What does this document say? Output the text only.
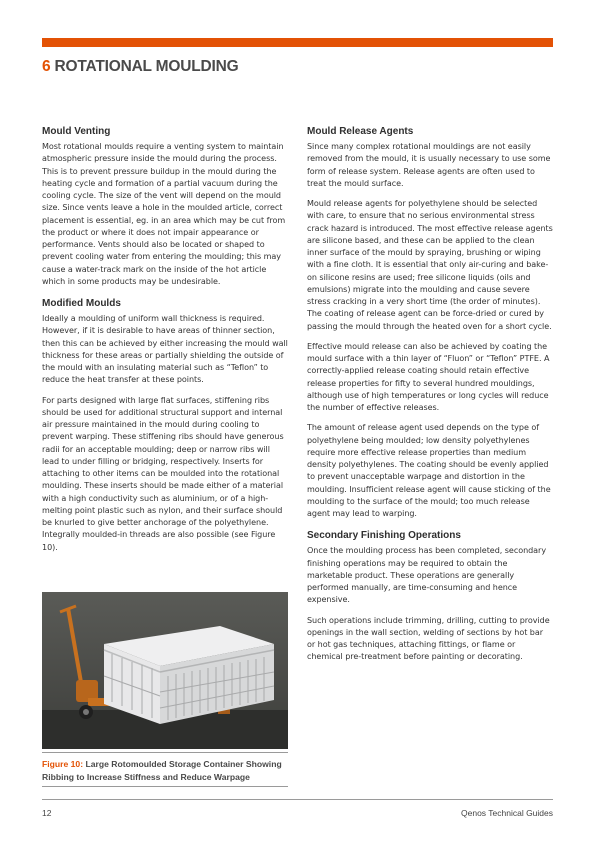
6 ROTATIONAL MOULDING
Mould Venting

Most rotational moulds require a venting system to maintain atmospheric pressure inside the mould during the process. This is to prevent pressure buildup in the mould during the heating cycle and formation of a partial vacuum during the cooling cycle. The size of the vent will depend on the mould size. Since vents leave a hole in the moulded article, correct placement is essential, eg. in an area which may be cut from the product or where it does not impair appearance or performance. Vents should also be located or shaped to prevent cooling water from entering the moulding; this may cause a water-track mark on the inside of the hot article which in some products may be undesirable.

Modified Moulds

Ideally a moulding of uniform wall thickness is required. However, if it is desirable to have areas of thinner section, then this can be achieved by either increasing the mould wall thickness for these areas or partially shielding the outside of the mould with an insulating material such as “Teflon” to reduce the heat transfer at these points.

For parts designed with large flat surfaces, stiffening ribs should be used for additional structural support and internal air pressure maintained in the mould during cooling to prevent warping. These stiffening ribs should have generous radii for an acceptable moulding; deep or narrow ribs will lead to under filling or bridging, respectively. Inserts for attaching to other items can be moulded into the rotational moulding. These inserts should be made either of a material with a high conductivity such as aluminium, or of a high-melting point plastic such as nylon, and their surface should be knurled to give better anchorage of the polyethylene. Integrally moulded-in threads are also possible (see Figure 10).

Mould Release Agents

Since many complex rotational mouldings are not easily removed from the mould, it is usually necessary to use some form of release system. Release agents are often used to treat the mould surface.

Mould release agents for polyethylene should be selected with care, to ensure that no serious environmental stress crack hazard is introduced. The most effective release agents are silicone based, and these can be applied to the clean inner surface of the mould by spraying, brushing or wiping with a fine cloth. It is essential that only air-curing and bake-on silicone resins are used; free silicone liquids (oils and emulsions) migrate into the moulding and cause severe stress cracking in a very short time (the order of minutes). The coating of release agent can be force-dried or cured by passing the mould through the heated oven for a short cycle.

Effective mould release can also be achieved by coating the mould surface with a thin layer of “Fluon” or “Teflon” PTFE. A correctly-applied release coating should retain effective release properties for fifty to several hundred mouldings, although use of high temperatures or long cycles will reduce the number of effective releases.

The amount of release agent used depends on the type of polyethylene being moulded; low density polyethylenes require more effective release properties than medium density polyethylenes. The coating should be evenly applied to prevent unacceptable warpage and distortion in the moulding. Insufficient release agent will cause sticking of the moulding to the surface of the mould; too much release agent may lead to warping.

Secondary Finishing Operations

Once the moulding process has been completed, secondary finishing operations may be required to obtain the marketable product. These operations are generally performed manually, are time-consuming and hence expensive.

Such operations include trimming, drilling, cutting to provide openings in the wall section, welding of sections by hot bar or hot gas techniques, attaching fittings, or flame or chemical pre-treatment before painting or decorating.

Figure 10: Large Rotomoulded Storage Container Showing Ribbing to Increase Stiffness and Reduce Warpage

12	Qenos Technical Guides
